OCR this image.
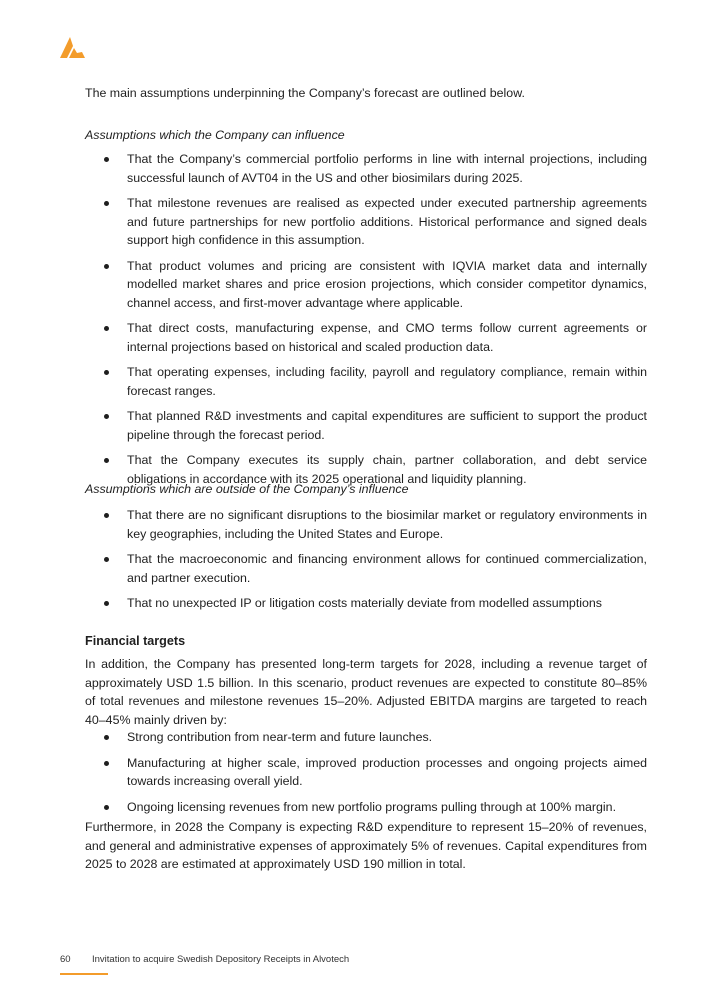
The main assumptions underpinning the Company’s forecast are outlined below.

Assumptions which the Company can influence
That the Company’s commercial portfolio performs in line with internal projections, including successful launch of AVT04 in the US and other biosimilars during 2025.
That milestone revenues are realised as expected under executed partnership agreements and future partnerships for new portfolio additions. Historical performance and signed deals support high confidence in this assumption.
That product volumes and pricing are consistent with IQVIA market data and internally modelled market shares and price erosion projections, which consider competitor dynamics, channel access, and first-mover advantage where applicable.
That direct costs, manufacturing expense, and CMO terms follow current agreements or internal projections based on historical and scaled production data.
That operating expenses, including facility, payroll and regulatory compliance, remain within forecast ranges.
That planned R&D investments and capital expenditures are sufficient to support the product pipeline through the forecast period.
That the Company executes its supply chain, partner collaboration, and debt service obligations in accordance with its 2025 operational and liquidity planning.
Assumptions which are outside of the Company’s influence
That there are no significant disruptions to the biosimilar market or regulatory environments in key geographies, including the United States and Europe.
That the macroeconomic and financing environment allows for continued commercialization, and partner execution.
That no unexpected IP or litigation costs materially deviate from modelled assumptions
Financial targets

In addition, the Company has presented long-term targets for 2028, including a revenue target of approximately USD 1.5 billion. In this scenario, product revenues are expected to constitute 80–85% of total revenues and milestone revenues 15–20%. Adjusted EBITDA margins are targeted to reach 40–45% mainly driven by:

Strong contribution from near-term and future launches.
Manufacturing at higher scale, improved production processes and ongoing projects aimed towards increasing overall yield.
Ongoing licensing revenues from new portfolio programs pulling through at 100% margin.

Furthermore, in 2028 the Company is expecting R&D expenditure to represent 15–20% of revenues, and general and administrative expenses of approximately 5% of revenues. Capital expenditures from 2025 to 2028 are estimated at approximately USD 190 million in total.

60 Invitation to acquire Swedish Depository Receipts in Alvotech
